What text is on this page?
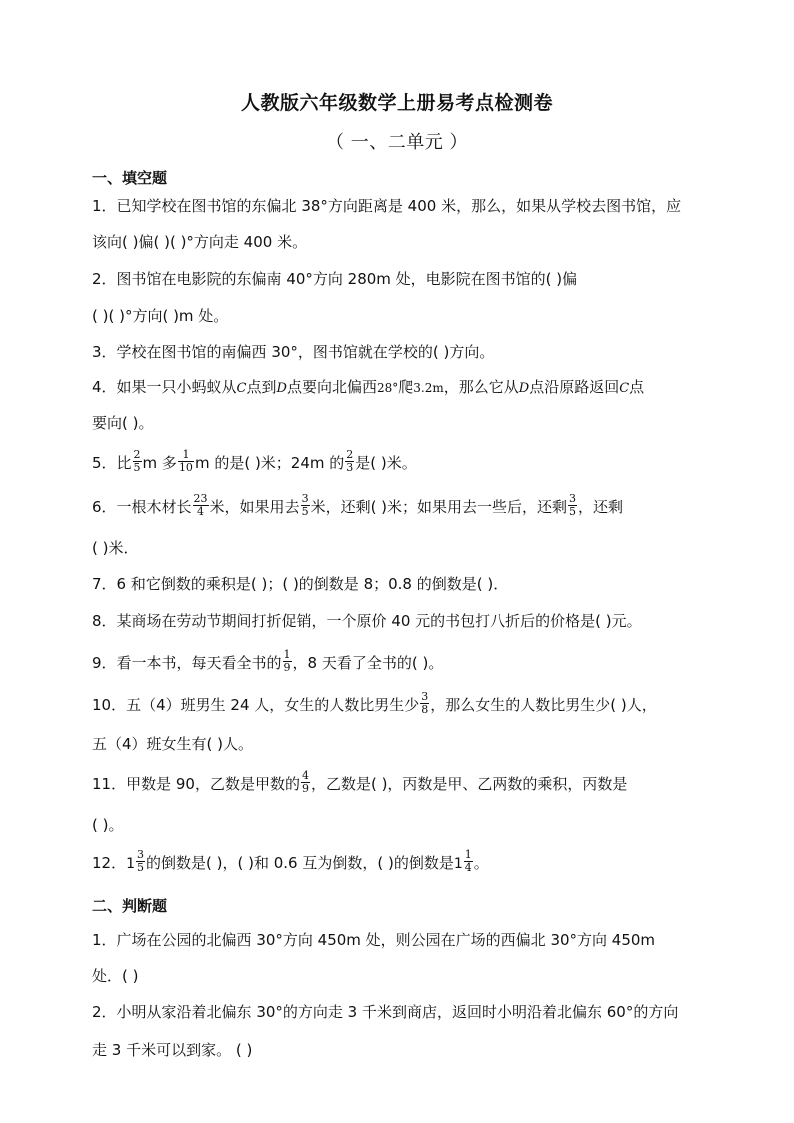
人教版六年级数学上册易考点检测卷
（ 一、二单元 ）
一、填空题
1．已知学校在图书馆的东偏北 38°方向距离是 400 米，那么，如果从学校去图书馆，应
该向( )偏( )( )°方向走 400 米。
2．图书馆在电影院的东偏南 40°方向 280m 处，电影院在图书馆的( )偏
( )( )°方向( )m 处。
3．学校在图书馆的南偏西 30°，图书馆就在学校的( )方向。
4．如果一只小蚂蚁从C点到D点要向北偏西28°爬3.2m，那么它从D点沿原路返回C点
要向( )。
5．比 $\frac{2}{5}$ m 多 $\frac{1}{10}$ m 的是( )米；24m 的 $\frac{2}{3}$ 是( )米。
6．一根木材长 $\frac{23}{4}$ 米，如果用去 $\frac{3}{5}$ 米，还剩( )米；如果用去一些后，还剩 $\frac{3}{5}$ ，还剩
( )米．
7．6 和它倒数的乘积是( )；( )的倒数是 8；0.8 的倒数是( )．
8．某商场在劳动节期间打折促销，一个原价 40 元的书包打八折后的价格是( )元。
9．看一本书，每天看全书的 $\frac{1}{9}$ ，8 天看了全书的( )。
10．五（4）班男生 24 人，女生的人数比男生少 $\frac{3}{8}$ ，那么女生的人数比男生少( )人，
五（4）班女生有( )人。
11．甲数是 90，乙数是甲数的 $\frac{4}{9}$ ，乙数是( )，丙数是甲、乙两数的乘积，丙数是
( )。
12．$1 \frac{3}{5}$ 的倒数是( )，( )和 0.6 互为倒数，( )的倒数是$1 \frac{1}{4}$ 。
二、判断题
1．广场在公园的北偏西 30°方向 450m 处，则公园在广场的西偏北 30°方向 450m
处．( )
2．小明从家沿着北偏东 30°的方向走 3 千米到商店，返回时小明沿着北偏东 60°的方向
走 3 千米可以到家。 ( )
